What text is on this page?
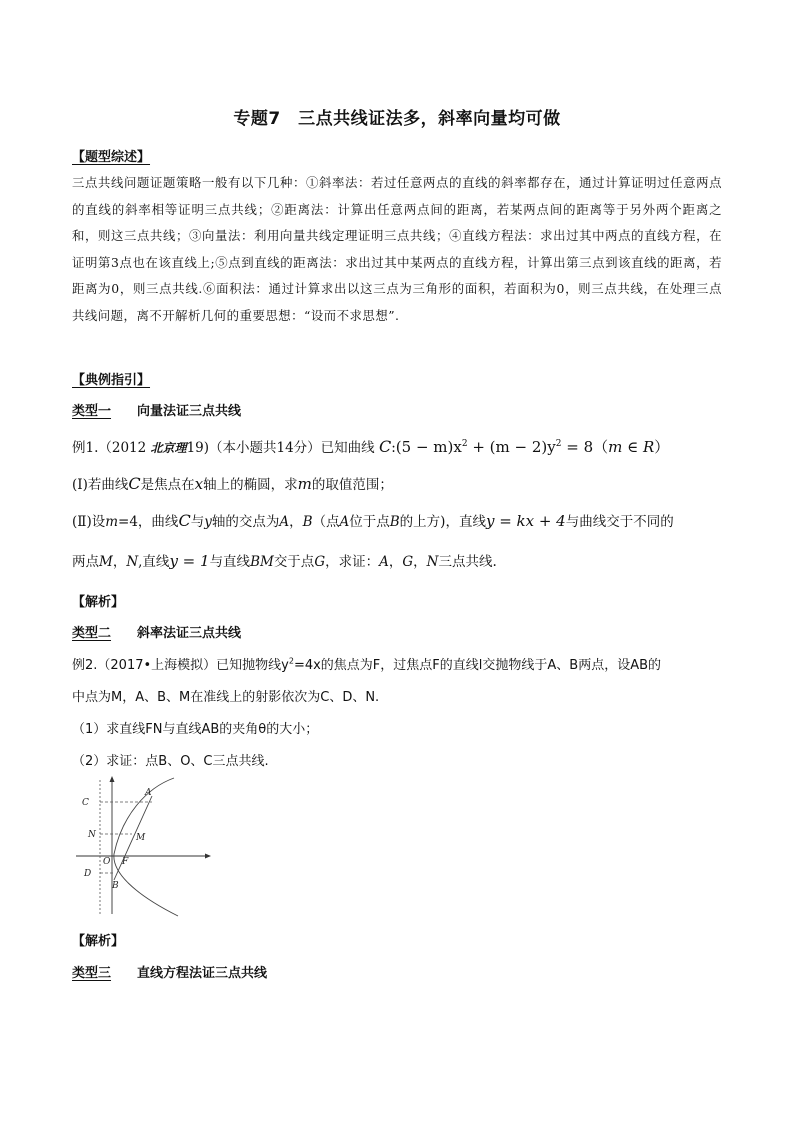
专题7　三点共线证法多，斜率向量均可做
【题型综述】
三点共线问题证题策略一般有以下几种：①斜率法：若过任意两点的直线的斜率都存在，通过计算证明过任意两点的直线的斜率相等证明三点共线；②距离法：计算出任意两点间的距离，若某两点间的距离等于另外两个距离之和，则这三点共线；③向量法：利用向量共线定理证明三点共线；④直线方程法：求出过其中两点的直线方程，在证明第3点也在该直线上;⑤点到直线的距离法：求出过其中某两点的直线方程，计算出第三点到该直线的距离，若距离为0，则三点共线.⑥面积法：通过计算求出以这三点为三角形的面积，若面积为0，则三点共线，在处理三点共线问题，离不开解析几何的重要思想：“设而不求思想”.
【典例指引】
类型一 向量法证三点共线
例1.（2012 北京理19)（本小题共14分）已知曲线 C:(5 − $m)x^2 + (m - 2)y^2 = 8(m$ ∈ R）
(Ⅰ)若曲线C是焦点在x轴上的椭圆，求m的取值范围；
(Ⅱ)设m=4，曲线C与y轴的交点为A，B（点A位于点B的上方)，直线y = kx + 4与曲线交于不同的
两点M，N,直线y = 1与直线BM交于点G，求证：A，G，N三点共线.
【解析】
类型二 斜率法证三点共线
例2.（2017•上海模拟）已知抛物线$y^2=4x$的焦点为F，过焦点F的直线l交抛物线于A、B两点，设AB的
中点为M，A、B、M在准线上的射影依次为C、D、N.
（1）求直线FN与直线AB的夹角θ的大小；
（2）求证：点B、O、C三点共线.
C
A
N	M
O F
D
B
【解析】
类型三 直线方程法证三点共线
